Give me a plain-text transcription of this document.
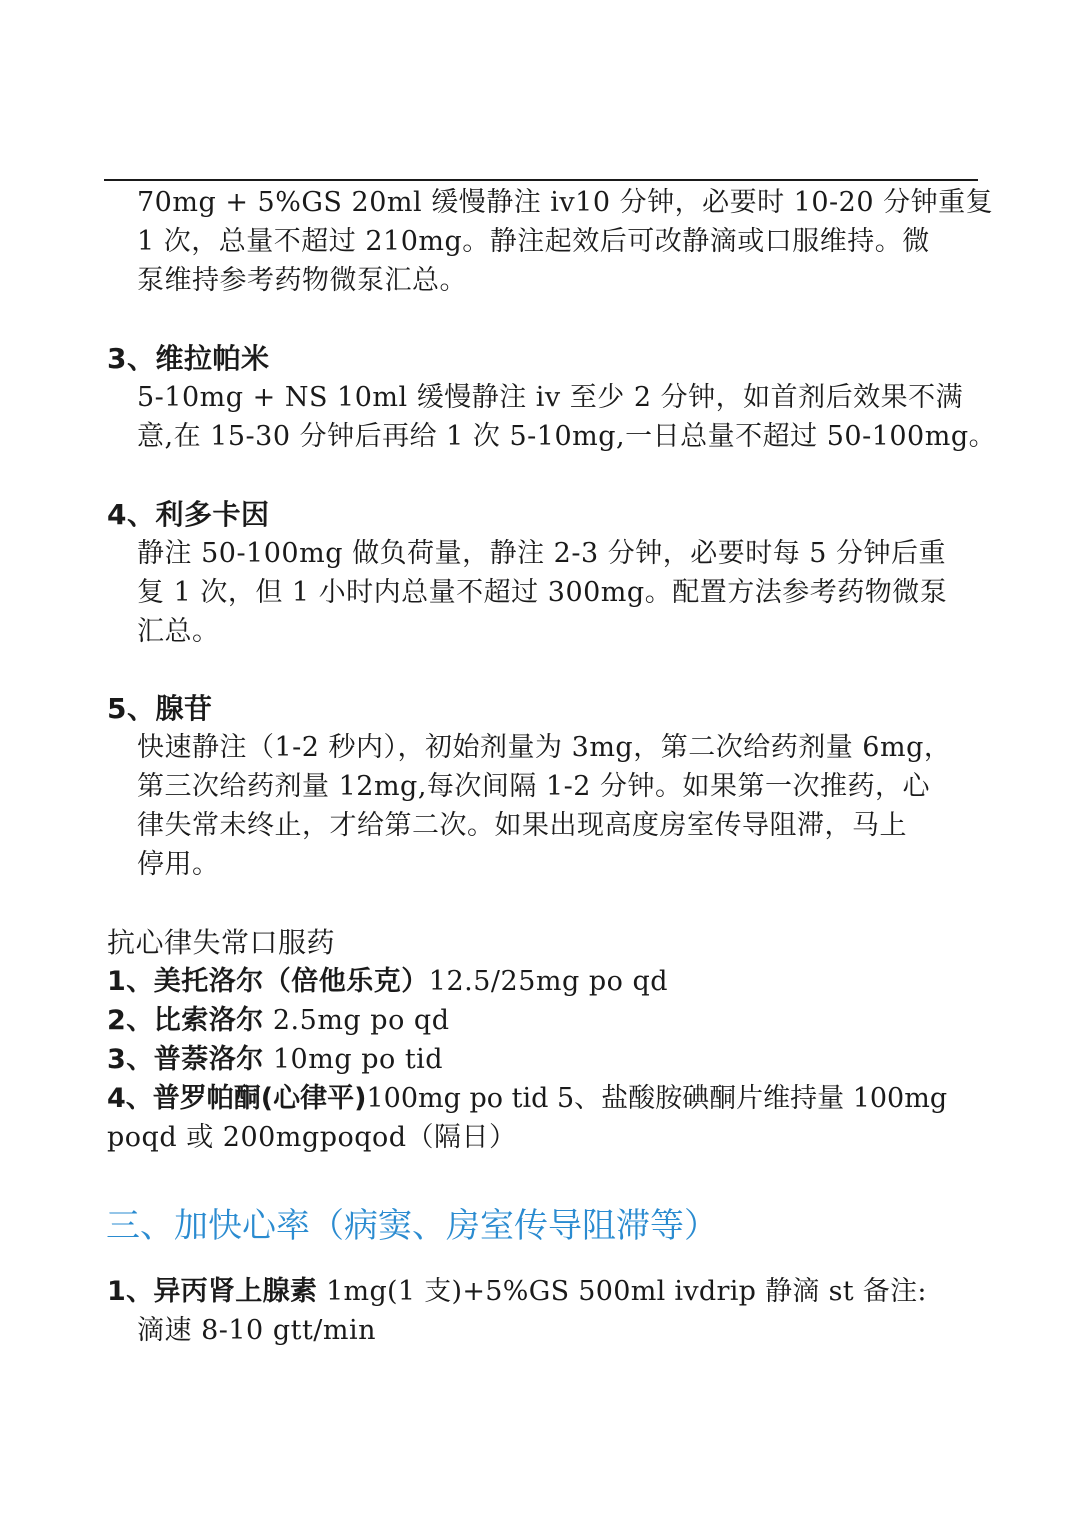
70mg + 5%GS 20ml 缓慢静注 iv10 分钟，必要时 10-20 分钟重复
1 次，总量不超过 210mg。静注起效后可改静滴或口服维持。微
泵维持参考药物微泵汇总。
3、维拉帕米
5-10mg + NS 10ml 缓慢静注 iv 至少 2 分钟，如首剂后效果不满
意,在 15-30 分钟后再给 1 次 5-10mg,一日总量不超过 50-100mg。
4、利多卡因
静注 50-100mg 做负荷量，静注 2-3 分钟，必要时每 5 分钟后重
复 1 次，但 1 小时内总量不超过 300mg。配置方法参考药物微泵
汇总。
5、腺苷
快速静注（1-2 秒内），初始剂量为 3mg，第二次给药剂量 6mg，
第三次给药剂量 12mg,每次间隔 1-2 分钟。如果第一次推药，心
律失常未终止，才给第二次。如果出现高度房室传导阻滞，马上
停用。
抗心律失常口服药
1、美托洛尔（倍他乐克）12.5/25mg po qd
2、比索洛尔 2.5mg po qd
3、普萘洛尔 10mg po tid
4、普罗帕酮(心律平)100mg po tid 5、盐酸胺碘酮片维持量 100mg
poqd 或 200mgpoqod（隔日）
三、加快心率（病窦、房室传导阻滞等）
1、异丙肾上腺素 1mg(1 支)+5%GS 500ml ivdrip 静滴 st 备注:
滴速 8-10 gtt/min
